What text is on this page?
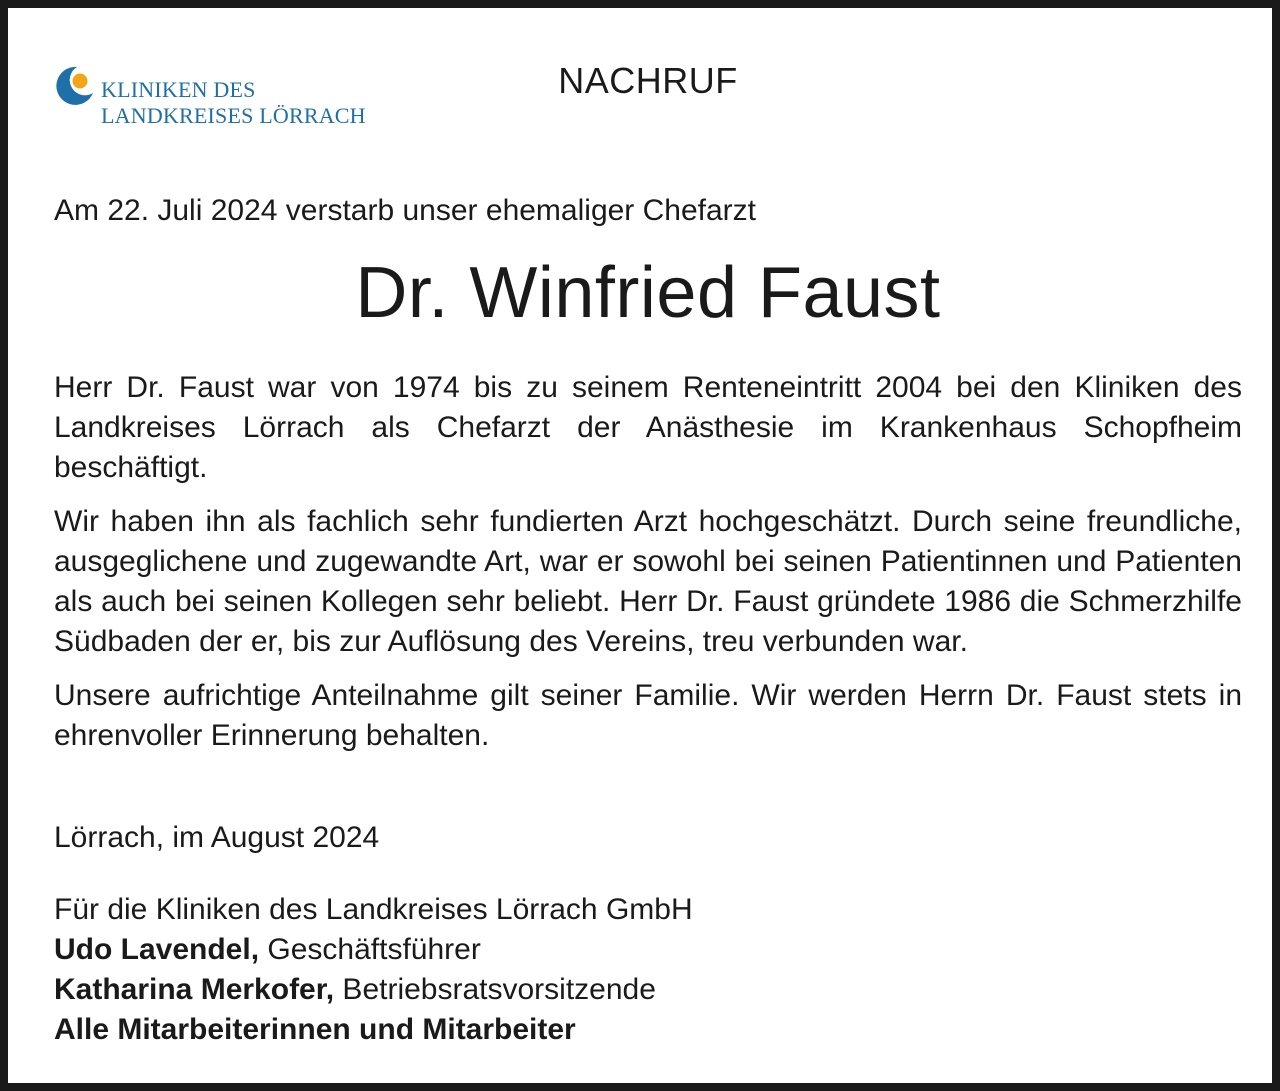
KLINIKEN DES
LANDKREISES LÖRRACH
NACHRUF
Am 22. Juli 2024 verstarb unser ehemaliger Chefarzt
Dr. Winfried Faust

Herr Dr. Faust war von 1974 bis zu seinem Renteneintritt 2004 bei den Kliniken des Landkreises Lörrach als Chefarzt der Anästhesie im Krankenhaus Schopfheim beschäftigt.

Wir haben ihn als fachlich sehr fundierten Arzt hochgeschätzt. Durch seine freundliche, ausgeglichene und zugewandte Art, war er sowohl bei seinen Patientinnen und Patienten als auch bei seinen Kollegen sehr beliebt. Herr Dr. Faust gründete 1986 die Schmerzhilfe Südbaden der er, bis zur Auflösung des Vereins, treu verbunden war.

Unsere aufrichtige Anteilnahme gilt seiner Familie. Wir werden Herrn Dr. Faust stets in ehrenvoller Erinnerung behalten.

Lörrach, im August 2024
Für die Kliniken des Landkreises Lörrach GmbH
Udo Lavendel, Geschäftsführer
Katharina Merkofer, Betriebsratsvorsitzende
Alle Mitarbeiterinnen und Mitarbeiter
